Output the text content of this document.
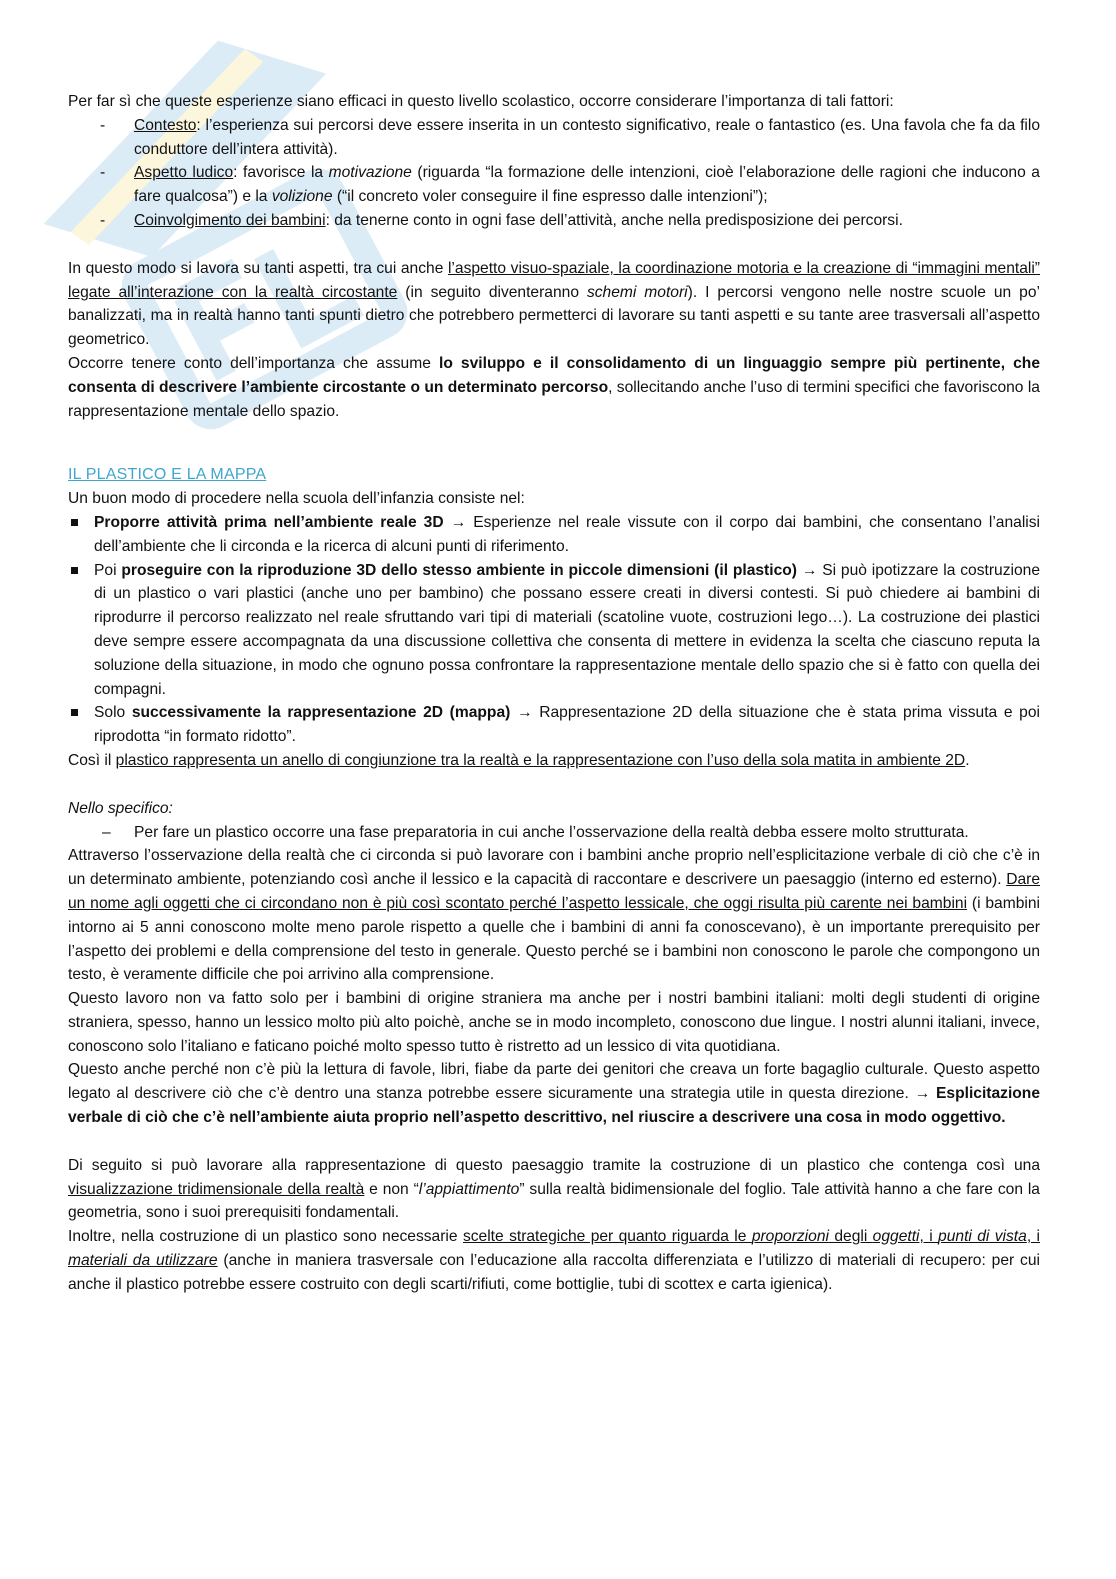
Per far sì che queste esperienze siano efficaci in questo livello scolastico, occorre considerare l’importanza di tali fattori:

- Contesto: l’esperienza sui percorsi deve essere inserita in un contesto significativo, reale o fantastico (es. Una favola che fa da filo conduttore dell’intera attività).
- Aspetto ludico: favorisce la motivazione (riguarda “la formazione delle intenzioni, cioè l’elaborazione delle ragioni che inducono a fare qualcosa”) e la volizione (“il concreto voler conseguire il fine espresso dalle intenzioni”);
- Coinvolgimento dei bambini: da tenerne conto in ogni fase dell’attività, anche nella predisposizione dei percorsi.

In questo modo si lavora su tanti aspetti, tra cui anche l’aspetto visuo-spaziale, la coordinazione motoria e la creazione di “immagini mentali” legate all’interazione con la realtà circostante (in seguito diventeranno schemi motori). I percorsi vengono nelle nostre scuole un po’ banalizzati, ma in realtà hanno tanti spunti dietro che potrebbero permetterci di lavorare su tanti aspetti e su tante aree trasversali all’aspetto geometrico.

Occorre tenere conto dell’importanza che assume lo sviluppo e il consolidamento di un linguaggio sempre più pertinente, che consenta di descrivere l’ambiente circostante o un determinato percorso, sollecitando anche l’uso di termini specifici che favoriscono la rappresentazione mentale dello spazio.

IL PLASTICO E LA MAPPA

Un buon modo di procedere nella scuola dell’infanzia consiste nel:

Proporre attività prima nell’ambiente reale 3D → Esperienze nel reale vissute con il corpo dai bambini, che consentano l’analisi dell’ambiente che li circonda e la ricerca di alcuni punti di riferimento.
Poi proseguire con la riproduzione 3D dello stesso ambiente in piccole dimensioni (il plastico) → Si può ipotizzare la costruzione di un plastico o vari plastici (anche uno per bambino) che possano essere creati in diversi contesti. Si può chiedere ai bambini di riprodurre il percorso realizzato nel reale sfruttando vari tipi di materiali (scatoline vuote, costruzioni lego…). La costruzione dei plastici deve sempre essere accompagnata da una discussione collettiva che consenta di mettere in evidenza la scelta che ciascuno reputa la soluzione della situazione, in modo che ognuno possa confrontare la rappresentazione mentale dello spazio che si è fatto con quella dei compagni.
Solo successivamente la rappresentazione 2D (mappa) → Rappresentazione 2D della situazione che è stata prima vissuta e poi riprodotta “in formato ridotto”.

Così il plastico rappresenta un anello di congiunzione tra la realtà e la rappresentazione con l’uso della sola matita in ambiente 2D.

Nello specifico:

– Per fare un plastico occorre una fase preparatoria in cui anche l’osservazione della realtà debba essere molto strutturata.

Attraverso l’osservazione della realtà che ci circonda si può lavorare con i bambini anche proprio nell’esplicitazione verbale di ciò che c’è in un determinato ambiente, potenziando così anche il lessico e la capacità di raccontare e descrivere un paesaggio (interno ed esterno). Dare un nome agli oggetti che ci circondano non è più così scontato perché l’aspetto lessicale, che oggi risulta più carente nei bambini (i bambini intorno ai 5 anni conoscono molte meno parole rispetto a quelle che i bambini di anni fa conoscevano), è un importante prerequisito per l’aspetto dei problemi e della comprensione del testo in generale. Questo perché se i bambini non conoscono le parole che compongono un testo, è veramente difficile che poi arrivino alla comprensione.

Questo lavoro non va fatto solo per i bambini di origine straniera ma anche per i nostri bambini italiani: molti degli studenti di origine straniera, spesso, hanno un lessico molto più alto poichè, anche se in modo incompleto, conoscono due lingue. I nostri alunni italiani, invece, conoscono solo l’italiano e faticano poiché molto spesso tutto è ristretto ad un lessico di vita quotidiana.

Questo anche perché non c’è più la lettura di favole, libri, fiabe da parte dei genitori che creava un forte bagaglio culturale. Questo aspetto legato al descrivere ciò che c’è dentro una stanza potrebbe essere sicuramente una strategia utile in questa direzione. → Esplicitazione verbale di ciò che c’è nell’ambiente aiuta proprio nell’aspetto descrittivo, nel riuscire a descrivere una cosa in modo oggettivo.

Di seguito si può lavorare alla rappresentazione di questo paesaggio tramite la costruzione di un plastico che contenga così una visualizzazione tridimensionale della realtà e non “l’appiattimento” sulla realtà bidimensionale del foglio. Tale attività hanno a che fare con la geometria, sono i suoi prerequisiti fondamentali.

Inoltre, nella costruzione di un plastico sono necessarie scelte strategiche per quanto riguarda le proporzioni degli oggetti, i punti di vista, i materiali da utilizzare (anche in maniera trasversale con l’educazione alla raccolta differenziata e l’utilizzo di materiali di recupero: per cui anche il plastico potrebbe essere costruito con degli scarti/rifiuti, come bottiglie, tubi di scottex e carta igienica).
